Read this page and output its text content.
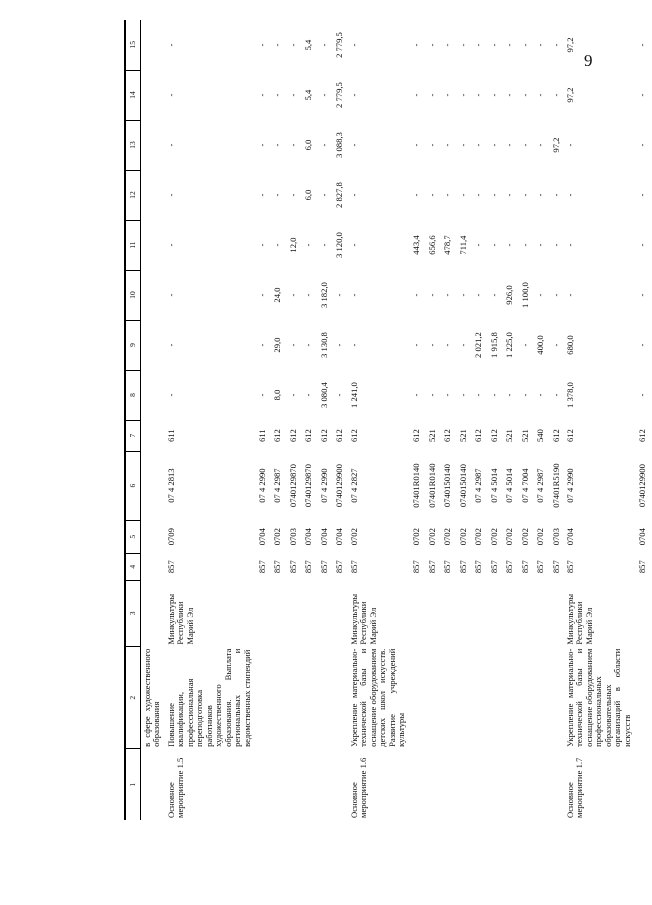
9
1	2	3	4	5	6	7	8	9	10	11	12	13	14	15
	в сфере художественного образования													
Основное мероприятие 1.5	Повышение квалификации, профессиональная переподготовка работников художественного образования. Выплата региональных и ведомственных стипендий	Минкультуры Республики Марий Эл	857	0709	07 4 2813	611	-	-	-	-	-	-	-	-
			857	0704	07 4 2990	611	-	-	-	-	-	-	-	-
			857	0702	07 4 2987	612	8,0	29,0	24,0	-	-	-	-	-
			857	0703	0740129870	612	-	-	-	12,0	-	-	-	-
			857	0704	0740129870	612	-	-	-	-	6,0	6,0	5,4	5,4
			857	0704	07 4 2990	612	3 080,4	3 130,8	3 182,0	-	-	-	-	-
			857	0704	0740129900	612	-	-	-	3 120,0	2 827,8	3 088,3	2 779,5	2 779,5
Основное мероприятие 1.6	Укрепление материально-технической базы и оснащение оборудованием детских школ искусств. Развитие учреждений культуры	Минкультуры Республики Марий Эл	857	0702	07 4 2827	612	1 241,0	-	-	-	-	-	-	-
			857	0702	07401R0140	612	-	-	-	443,4	-	-	-	-
			857	0702	07401R0140	521	-	-	-	656,6	-	-	-	-
			857	0702	0740150140	612	-	-	-	478,7	-	-	-	-
			857	0702	0740150140	521	-	-	-	711,4	-	-	-	-
			857	0702	07 4 2987	612	-	2 021,2	-	-	-	-	-	-
			857	0702	07 4 5014	612	-	1 915,8	-	-	-	-	-	-
			857	0702	07 4 5014	521	-	1 225,0	926,0	-	-	-	-	-
			857	0702	07 4 7004	521	-	-	1 100,0	-	-	-	-	-
			857	0702	07 4 2987	540	-	400,0	-	-	-	-	-	-
			857	0703	07401R5190	612	-	-	-	-	-	97,2	-	-
Основное мероприятие 1.7	Укрепление материально-технической базы и оснащение оборудованием профессиональных образовательных организаций в области искусств	Минкультуры Республики Марий Эл	857	0704	07 4 2990	612	1 378,0	680,0	-	-	-	-	97,2	97,2
			857	0704	0740129900	612	-	-	-	-	-	-	-	-
